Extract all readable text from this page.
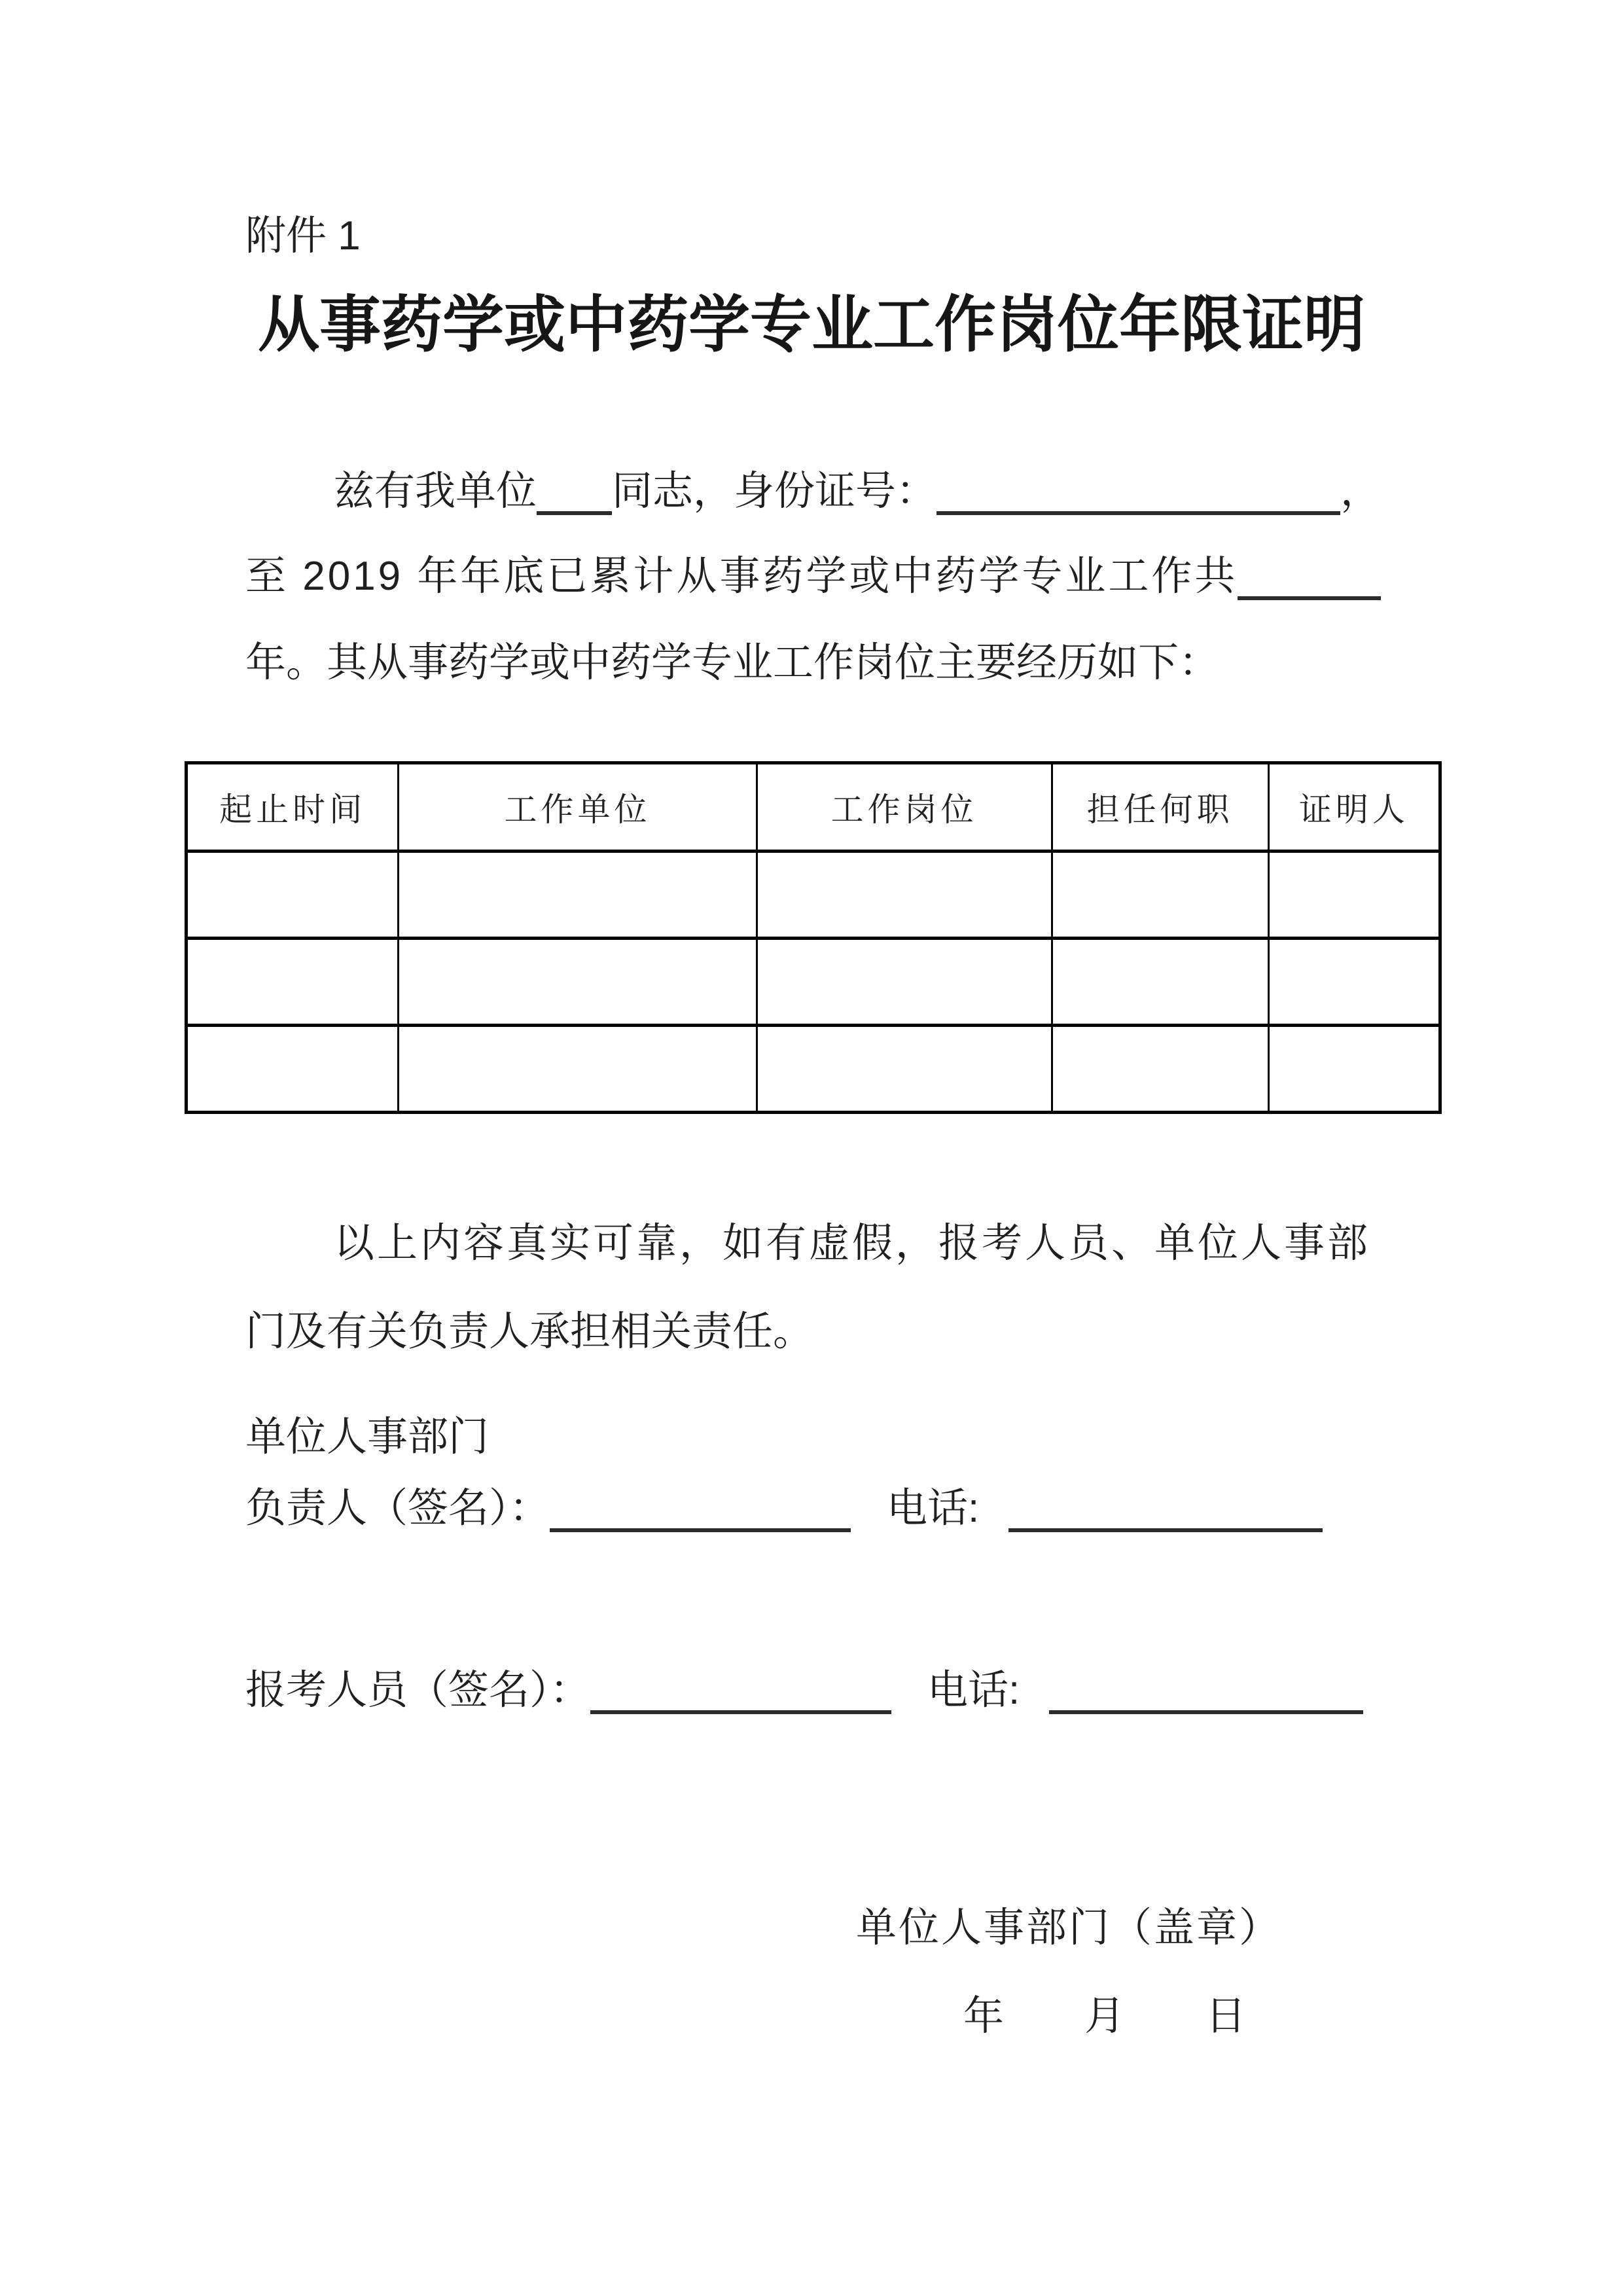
附件 1
从事药学或中药学专业工作岗位年限证明
兹有我单位 同志，身份证号：	，
至 2019 年年底已累计从事药学或中药学专业工作共
年。其从事药学或中药学专业工作岗位主要经历如下：
起止时间	工作单位	工作岗位	担任何职	证明人

以上内容真实可靠，如有虚假，报考人员、单位人事部
门及有关负责人承担相关责任。
单位人事部门
负责人（签名）：	电话:
报考人员（签名）：	电话:
单位人事部门（盖章）
年 月 日
